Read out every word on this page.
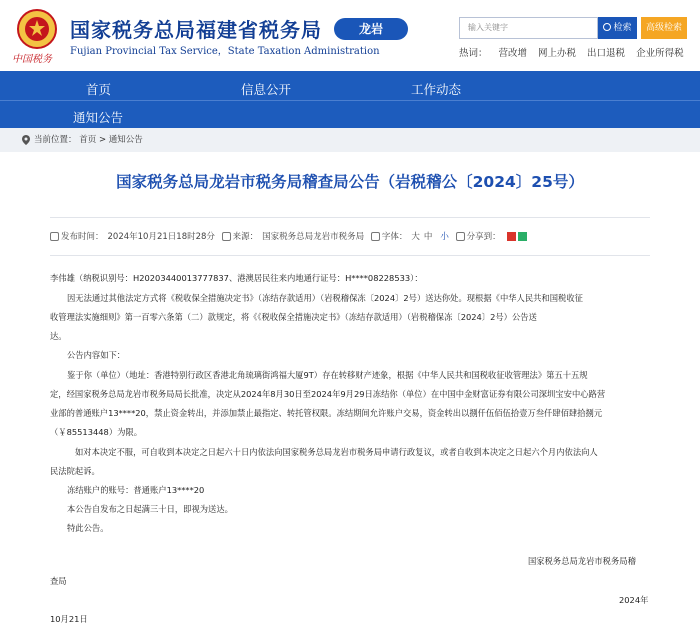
中国税务
国家税务总局福建省税务局
Fujian Provincial Tax Service，State Taxation Administration
龙岩	输入关键字	检索	高级检索
热词： 营改增 网上办税 出口退税 企业所得税
首页	信息公开	工作动态
通知公告
当前位置： 首页 > 通知公告
国家税务总局龙岩市税务局稽查局公告（岩税稽公〔2024〕25号）
发布时间： 2024年10月21日18时28分 来源： 国家税务总局龙岩市税务局 字体： 大 中 小 分享到：
李伟雄（纳税识别号：H20203440013777837、港澳居民往来内地通行证号：H****08228533）：
因无法通过其他法定方式将《税收保全措施决定书》（冻结存款适用）（岩税稽保冻〔2024〕2号）送达你处。现根据《中华人民共和国税收征
收管理法实施细则》第一百零六条第（二）款规定，将《《税收保全措施决定书》（冻结存款适用）（岩税稽保冻〔2024〕2号）公告送
达。
公告内容如下：
鉴于你（单位）（地址：香港特别行政区香港北角琉璃街鸿福大厦9T）存在转移财产迹象，根据《中华人民共和国税收征收管理法》第五十五规
定，经国家税务总局龙岩市税务局局长批准，决定从2024年8月30日至2024年9月29日冻结你（单位）在中国中金财富证券有限公司深圳宝安中心路营
业部的普通账户13****20，禁止资金转出，并添加禁止最指定、转托管权限。冻结期间允许账户交易，资金转出以捌仟伍佰伍拾壹万叁仟肆佰肆拾捌元
（￥85513448）为限。
如对本决定不服，可自收到本决定之日起六十日内依法向国家税务总局龙岩市税务局申请行政复议，或者自收到本决定之日起六个月内依法向人
民法院起诉。
冻结账户的账号：普通账户13****20
本公告自发布之日起满三十日，即视为送达。
特此公告。
国家税务总局龙岩市税务局稽
查局
2024年
10月21日
